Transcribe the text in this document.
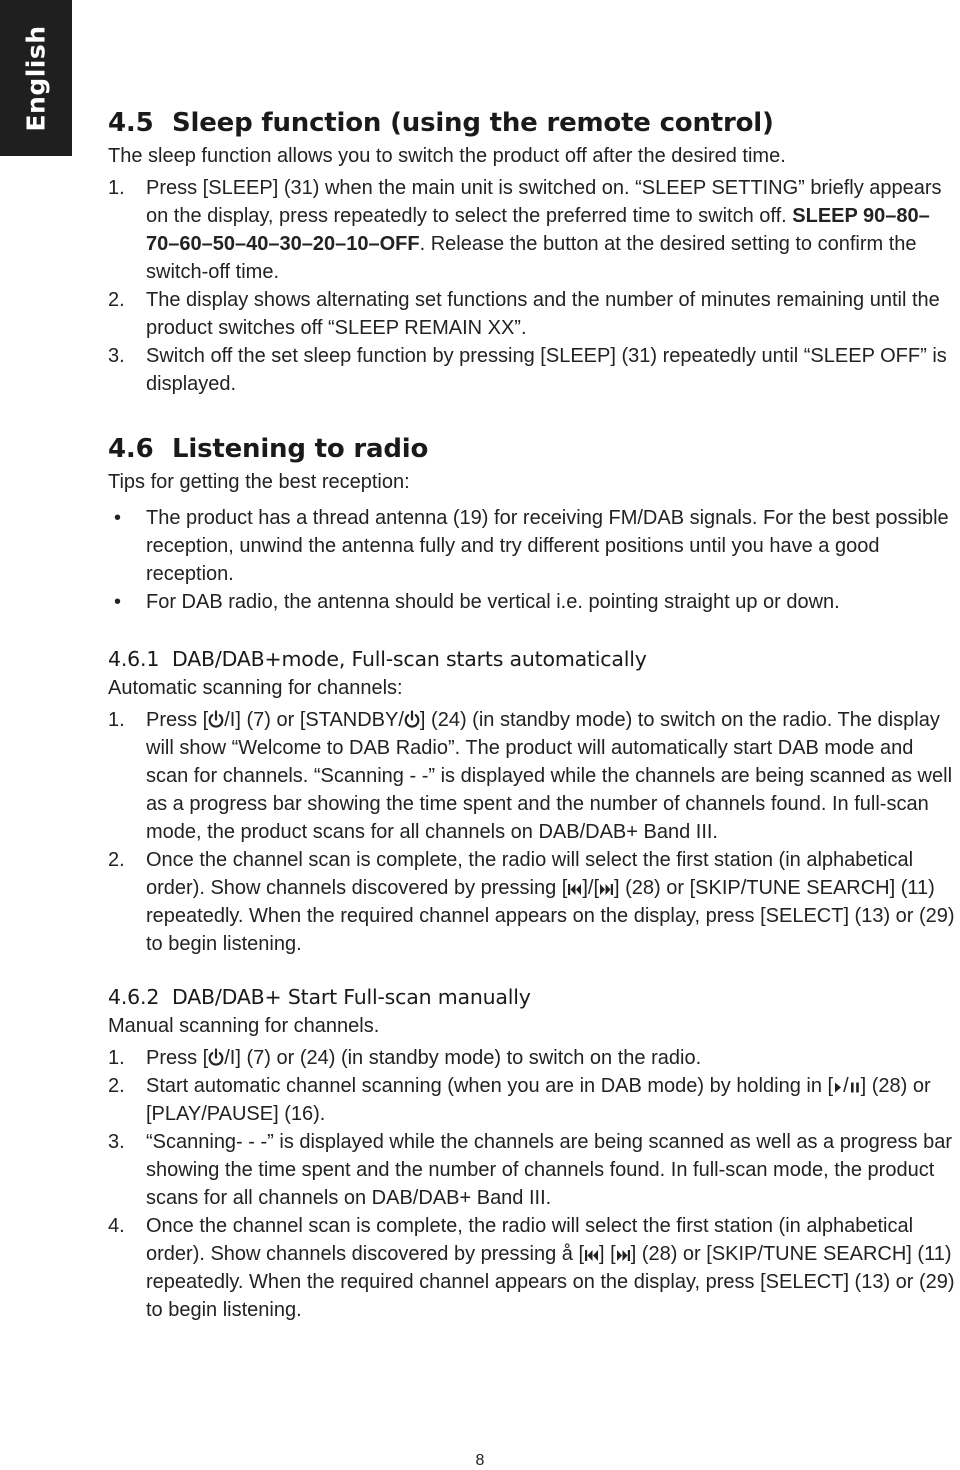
English 4.5 Sleep function (using the remote control)

The sleep function allows you to switch the product off after the desired time.

1. Press [SLEEP] (31) when the main unit is switched on. “SLEEP SETTING” briefly appears on the display, press repeatedly to select the preferred time to switch off. SLEEP 90–80–70–60–50–40–30–20–10–OFF. Release the button at the desired setting to confirm the switch-off time.
2. The display shows alternating set functions and the number of minutes remaining until the product switches off “SLEEP REMAIN XX”.
3. Switch off the set sleep function by pressing [SLEEP] (31) repeatedly until “SLEEP OFF” is displayed.
4.6 Listening to radio

Tips for getting the best reception:

• The product has a thread antenna (19) for receiving FM/DAB signals. For the best possible reception, unwind the antenna fully and try different positions until you have a good reception.
• For DAB radio, the antenna should be vertical i.e. pointing straight up or down.
4.6.1 DAB/DAB+mode, Full-scan starts automatically

Automatic scanning for channels:

1. Press [ /I] (7) or [STANDBY/ ] (24) (in standby mode) to switch on the radio. The display will show “Welcome to DAB Radio”. The product will automatically start DAB mode and scan for channels. “Scanning - -” is displayed while the channels are being scanned as well as a progress bar showing the time spent and the number of channels found. In full-scan mode, the product scans for all channels on DAB/DAB+ Band III.
2. Once the channel scan is complete, the radio will select the first station (in alphabetical order). Show channels discovered by pressing [ ]/[ ] (28) or [SKIP/TUNE SEARCH] (11) repeatedly. When the required channel appears on the display, press [SELECT] (13) or (29) to begin listening.
4.6.2 DAB/DAB+ Start Full-scan manually

Manual scanning for channels.

1. Press [ /I] (7) or (24) (in standby mode) to switch on the radio.
2. Start automatic channel scanning (when you are in DAB mode) by holding in [ / ] (28) or [PLAY/PAUSE] (16).
3. “Scanning- - -” is displayed while the channels are being scanned as well as a progress bar showing the time spent and the number of channels found. In full-scan mode, the product scans for all channels on DAB/DAB+ Band III.
4. Once the channel scan is complete, the radio will select the first station (in alphabetical order). Show channels discovered by pressing å [ ] [ ] (28) or [SKIP/TUNE SEARCH] (11) repeatedly. When the required channel appears on the display, press [SELECT] (13) or (29) to begin listening.
8
